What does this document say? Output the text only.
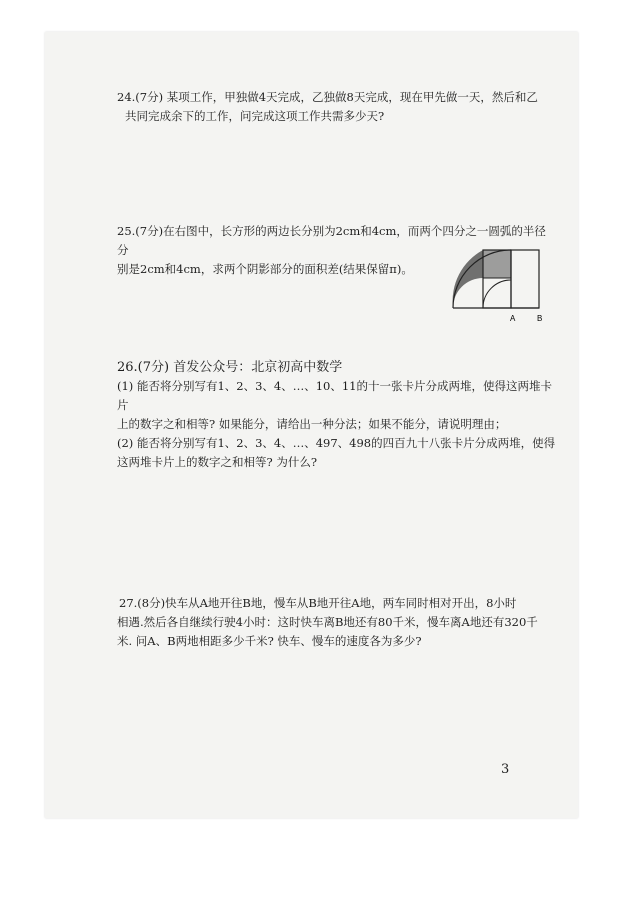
24.(7分) 某项工作，甲独做4天完成，乙独做8天完成，现在甲先做一天，然后和乙

共同完成余下的工作，问完成这项工作共需多少天?

25.(7分)在右图中，长方形的两边长分别为2cm和4cm，而两个四分之一圆弧的半径分

别是2cm和4cm，求两个阴影部分的面积差(结果保留π)。

A	B

26.(7分) 首发公众号：北京初高中数学

(1) 能否将分别写有1、2、3、4、…、10、11的十一张卡片分成两堆，使得这两堆卡片

上的数字之和相等? 如果能分，请给出一种分法；如果不能分，请说明理由；

(2) 能否将分别写有1、2、3、4、…、497、498的四百九十八张卡片分成两堆，使得

这两堆卡片上的数字之和相等? 为什么?

27.(8分)快车从A地开往B地，慢车从B地开往A地，两车同时相对开出，8小时

相遇.然后各自继续行驶4小时：这时快车离B地还有80千米，慢车离A地还有320千

米. 问A、B两地相距多少千米? 快车、慢车的速度各为多少?

3
